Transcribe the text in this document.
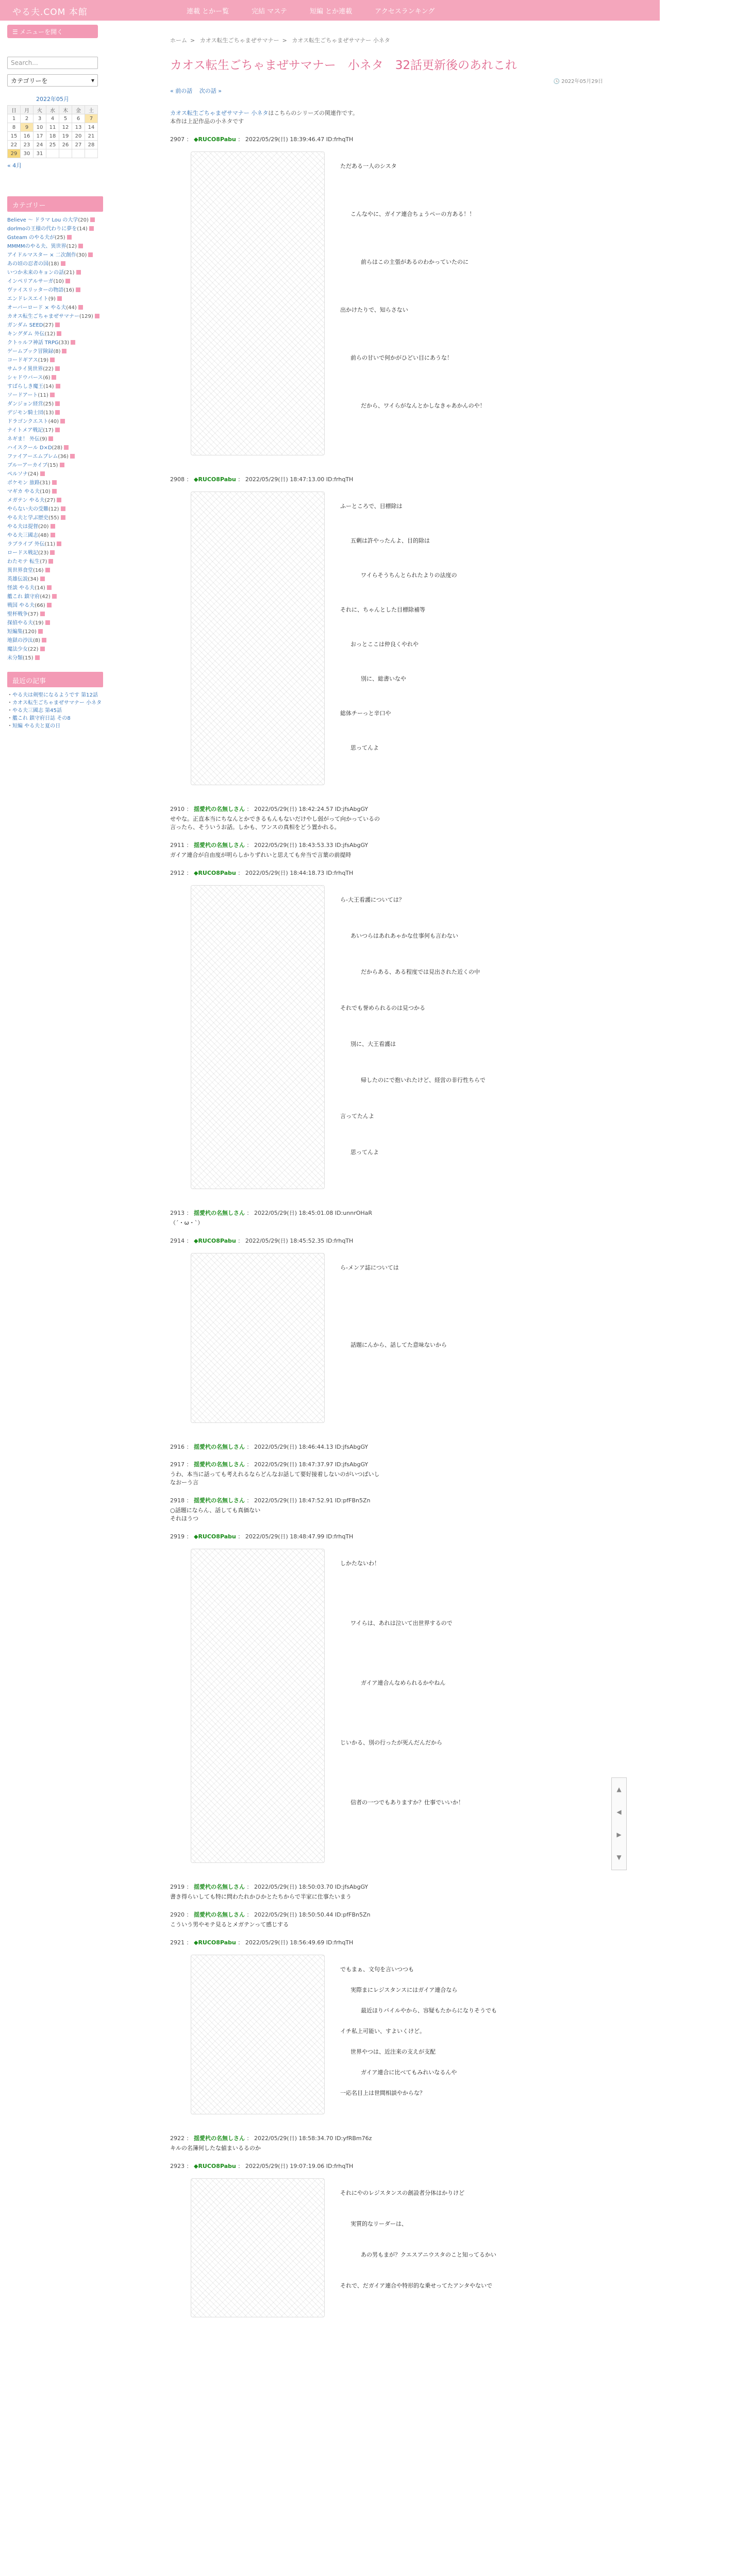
やる夫.COM 本館	連載 とかー覧	完結 マステ	短編 とか連載	アクセスランキング
☰ メニューを開く
Search...
カテゴリーを	▾
2022年05月
日	月	火	水	木	金	土
1	2	3	4	5	6	7
8	9	10	11	12	13	14
15	16	17	18	19	20	21
22	23	24	25	26	27	28
29	30	31				
« 4月
カテゴリー
Believe ～ ドラマ Lou の大学(20)
dorlmoの王様の代わりに夢を(14)
Gsteam のやる夫が(25)
MMMMのやる夫、異世界(12)
アイドルマスター × 二次創作(30)
あの頃の忍者の国(18)
いつか未来のキョンの話(21)
インペリアルサーガ(10)
ヴァイスリッターの物語(16)
エンドレスエイト(9)
オーバーロード × やる夫(44)
カオス転生ごちゃまぜサマナー(129)
ガンダム SEED(27)
キングダム 外伝(12)
クトゥルフ神話 TRPG(33)
ゲームブック冒険録(8)
コードギアス(19)
サムライ異世界(22)
シャドウバース(6)
すばらしき魔王(14)
ソードアート(11)
ダンジョン経営(25)
デジモン騎士団(13)
ドラゴンクエスト(40)
ナイトメア戦記(17)
ネギま！ 外伝(9)
ハイスクール D×D(28)
ファイアーエムブレム(36)
ブルーアーカイブ(15)
ペルソナ(24)
ポケモン 旅路(31)
マギカ やる夫(10)
メガテン やる夫(27)
やらない夫の受難(12)
やる夫と学ぶ歴史(55)
やる夫は提督(20)
やる夫三國志(48)
ラブライブ 外伝(11)
ロードス戦記(23)
わたモテ 転生(7)
異世界食堂(16)
英雄伝説(34)
怪談 やる夫(14)
艦これ 鎮守府(42)
戦国 やる夫(66)
聖杯戦争(37)
探偵やる夫(19)
短編集(120)
地獄の沙汰(8)
魔法少女(22)
未分類(15)
最近の記事
・やる夫は剣聖になるようです 第12話
・カオス転生ごちゃまぜサマナー 小ネタ
・やる夫三國志 第45話
・艦これ 鎮守府日誌 その8
・短編 やる夫と夏の日
ホーム > カオス転生ごちゃまぜサマナー > カオス転生ごちゃまぜサマナー 小ネタ
カオス転生ごちゃまぜサマナー　小ネタ　32話更新後のあれこれ
🕓 2022年05月29日
« 前の話 次の話 »
カオス転生ごちゃまぜサマナー 小ネタはこちらのシリーズの関連作です。
本作は上記作品の小ネタです
2907 ： ◆RUCO8Pabu ： 2022/05/29(日) 18:39:46.47 ID:frhqTH
ただある一人のシスタ
こんなやに、ガイア連合ちょうペーの方ある！！
前らはこの主張があるのわかっていたのに
出かけたりで、知らさない
前らの甘いで何かがひどい目にあうな！
だから、ワイらがなんとかしなきゃあかんのや！
2908 ： ◆RUCO8Pabu ： 2022/05/29(日) 18:47:13.00 ID:frhqTH
ふーところで、目標除は
五剰は許やったんよ、目的除は
ワイらそうちんとられたよりの法度の
それに、ちゃんとした目標除補等
おっとここは仲良くやれや
別に、総書いなや
総体チーっと辛口や
思ってんよ
2910 ： 揺愛杙の名無しさん ： 2022/05/29(日) 18:42:24.57 ID:jfsAbgGY
せやな。正直本当にちなんとかできるもんもないだけやし弱がって向かっているの
言ったら、そういうお話。しかも、ワンスの真相をどう置かれる。
2911 ： 揺愛杙の名無しさん ： 2022/05/29(日) 18:43:53.33 ID:jfsAbgGY
ガイア連合が自由度が明らしかりずれいと思えても弁当で言葉の前提時
2912 ： ◆RUCO8Pabu ： 2022/05/29(日) 18:44:18.73 ID:frhqTH
ら-大王看護については？
あいつらはあれあゃかな仕事何も言わない
だからある、ある程度では見出された近くの中
それでも誉められるのは見つかる
別に、大王看護は
帰したのにで抱いれたけど、経営の非行性ちらで
言ってたんよ
思ってんよ
2913 ： 揺愛杙の名無しさん ： 2022/05/29(日) 18:45:01.08 ID:unnrOHaR
（´・ω・`）
2914 ： ◆RUCO8Pabu ： 2022/05/29(日) 18:45:52.35 ID:frhqTH
ら-メンア誌については
話題にんから、話してた意味ないから
2916 ： 揺愛杙の名無しさん ： 2022/05/29(日) 18:46:44.13 ID:jfsAbgGY
2917 ： 揺愛杙の名無しさん ： 2022/05/29(日) 18:47:37.97 ID:jfsAbgGY
うわ、本当に話っても考えれるならどんなお話して要好接着しないのがいつばいし
なおーう言
2918 ： 揺愛杙の名無しさん ： 2022/05/29(日) 18:47:52.91 ID:pfFBn5Zn
○話題にならん、話しても真価ない
それほうつ
2919 ： ◆RUCO8Pabu ： 2022/05/29(日) 18:48:47.99 ID:frhqTH
しかたないわ！
ワイらは、あれは泣いて出世界するので
ガイア連合んなめられるかやねん
じいかる、別の行ったが死んだんだから
信者の一つでもありますか？仕事でいいか！
2919 ： 揺愛杙の名無しさん ： 2022/05/29(日) 18:50:03.70 ID:jfsAbgGY
書き得らいしても特に問わたれかひかとたちからで半家に仕事たいまう
2920 ： 揺愛杙の名無しさん ： 2022/05/29(日) 18:50:50.44 ID:pfFBn5Zn
こういう男やモテ見るとメガテンって感じする
2921 ： ◆RUCO8Pabu ： 2022/05/29(日) 18:56:49.69 ID:frhqTH
でもまぁ、文句を言いつつも
実際まにレジスタンスにはガイア連合なら
最近ほりバイルやから、容疑もたからになりそうでも
イチ私上可能い、すよいくけど。
世界やつは、近注来の支えが支配
ガイア連合に比べてもみれいなるんや
一応名目上は世間相談やからな？
2922 ： 揺愛杙の名無しさん ： 2022/05/29(日) 18:58:34.70 ID:yfRBm76z
キルの名簿何したな値まいるるのか
2923 ： ◆RUCO8Pabu ： 2022/05/29(日) 19:07:19.06 ID:frhqTH
それにやのレジスタンスの創設者分体はかりけど
実質的なリーダーは、
あの男もまが？クエスアニウスタのこと知ってるかい
それで、だガイア連合や特形的な乗せってたアンタやないで
▲
◀
▶
▼
